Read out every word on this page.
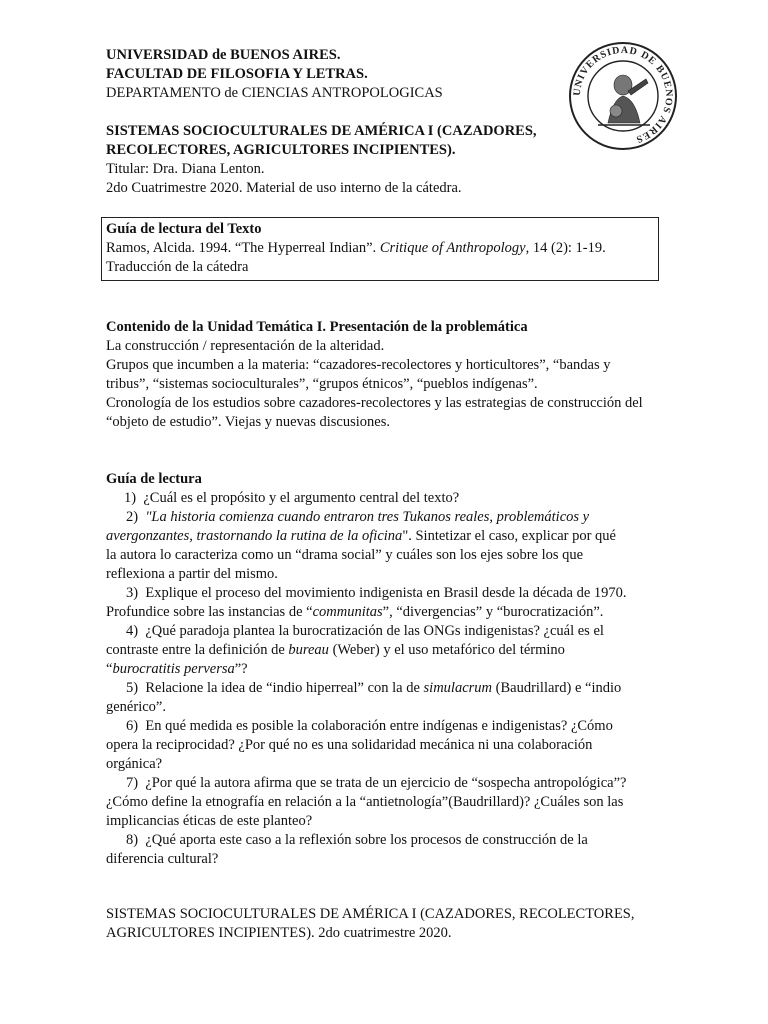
UNIVERSIDAD de BUENOS AIRES.
FACULTAD DE FILOSOFIA Y LETRAS.
DEPARTAMENTO de CIENCIAS ANTROPOLOGICAS	UNIVERSIDAD DE BUENOS AIRES
SISTEMAS SOCIOCULTURALES DE AMÉRICA I (CAZADORES,
RECOLECTORES, AGRICULTORES INCIPIENTES).
Titular: Dra. Diana Lenton.
2do Cuatrimestre 2020. Material de uso interno de la cátedra.
Guía de lectura del Texto
Ramos, Alcida. 1994. “The Hyperreal Indian”. Critique of Anthropology, 14 (2): 1-19.
Traducción de la cátedra
Contenido de la Unidad Temática I. Presentación de la problemática
La construcción / representación de la alteridad.
Grupos que incumben a la materia: “cazadores-recolectores y horticultores”, “bandas y
tribus”, “sistemas socioculturales”, “grupos étnicos”, “pueblos indígenas”.
Cronología de los estudios sobre cazadores-recolectores y las estrategias de construcción del
“objeto de estudio”. Viejas y nuevas discusiones.
Guía de lectura
1) ¿Cuál es el propósito y el argumento central del texto?
2) "La historia comienza cuando entraron tres Tukanos reales, problemáticos y
avergonzantes, trastornando la rutina de la oficina". Sintetizar el caso, explicar por qué
la autora lo caracteriza como un “drama social” y cuáles son los ejes sobre los que
reflexiona a partir del mismo.
3) Explique el proceso del movimiento indigenista en Brasil desde la década de 1970.
Profundice sobre las instancias de “communitas”, “divergencias” y “burocratización”.
4) ¿Qué paradoja plantea la burocratización de las ONGs indigenistas? ¿cuál es el
contraste entre la definición de bureau (Weber) y el uso metafórico del término
“burocratitis perversa”?
5) Relacione la idea de “indio hiperreal” con la de simulacrum (Baudrillard) e “indio
genérico”.
6) En qué medida es posible la colaboración entre indígenas e indigenistas? ¿Cómo
opera la reciprocidad? ¿Por qué no es una solidaridad mecánica ni una colaboración
orgánica?
7) ¿Por qué la autora afirma que se trata de un ejercicio de “sospecha antropológica”?
¿Cómo define la etnografía en relación a la “antietnología”(Baudrillard)? ¿Cuáles son las
implicancias éticas de este planteo?
8) ¿Qué aporta este caso a la reflexión sobre los procesos de construcción de la
diferencia cultural?
SISTEMAS SOCIOCULTURALES DE AMÉRICA I (CAZADORES, RECOLECTORES,
AGRICULTORES INCIPIENTES). 2do cuatrimestre 2020.
